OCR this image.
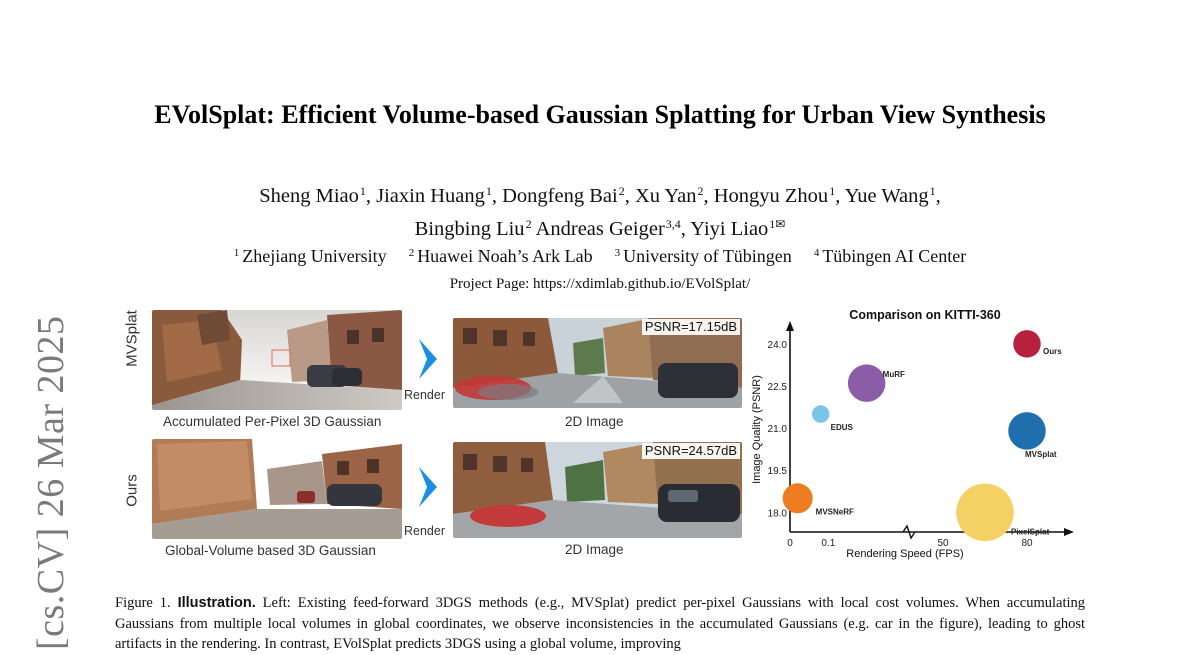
[cs.CV] 26 Mar 2025
EVolSplat: Efficient Volume-based Gaussian Splatting for Urban View Synthesis
Sheng Miao$^1$, Jiaxin Huang$^1$, Dongfeng Bai$^2$, Xu Yan$^2$, Hongyu Zhou$^1$, Yue Wang$^1$,
Bingbing Liu$^2$ Andreas Geiger$^{3,4}$, Yiyi Liao$^{1✉}$
$^1$ Zhejiang University $^2$ Huawei Noah’s Ark Lab $^3$ University of Tübingen $^4$ Tübingen AI Center
Project Page: https://xdimlab.github.io/EVolSplat/
MVSplat
Accumulated Per-Pixel 3D Gaussian
Render
PSNR=17.15dB
2D Image
Ours
Global-Volume based 3D Gaussian
Render
PSNR=24.57dB
2D Image
Comparison on KITTI-360
18.0
19.5
21.0
22.5
24.0
0	0.1	50	80
Rendering Speed (FPS)
Image Quality (PSNR)
Ours
MuRF
EDUS
MVSplat
MVSNeRF
PixelSplat
Figure 1. Illustration. Left: Existing feed-forward 3DGS methods (e.g., MVSplat) predict per-pixel Gaussians with local cost volumes. When accumulating Gaussians from multiple local volumes in global coordinates, we observe inconsistencies in the accumulated Gaussians (e.g. car in the figure), leading to ghost artifacts in the rendering. In contrast, EVolSplat predicts 3DGS using a global volume, improving
